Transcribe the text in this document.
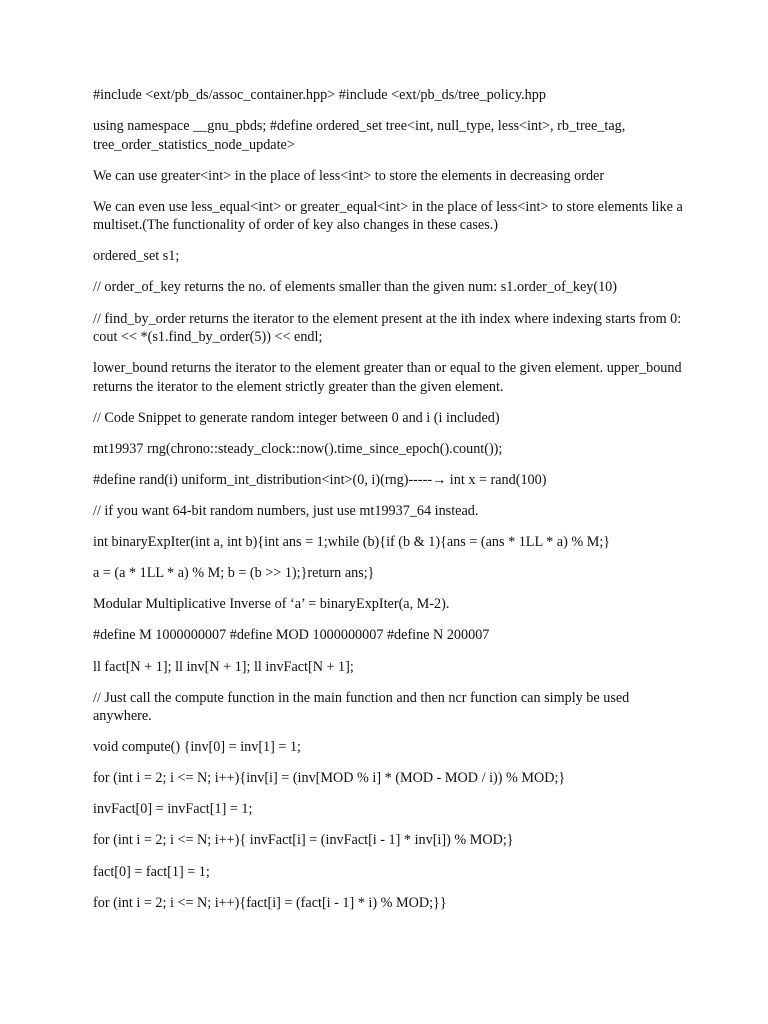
#include <ext/pb_ds/assoc_container.hpp> #include <ext/pb_ds/tree_policy.hpp

using namespace __gnu_pbds; #define ordered_set tree<int, null_type, less<int>, rb_tree_tag, tree_order_statistics_node_update>

We can use greater<int> in the place of less<int> to store the elements in decreasing order

We can even use less_equal<int> or greater_equal<int> in the place of less<int> to store elements like a multiset.(The functionality of order of key also changes in these cases.)

ordered_set s1;

// order_of_key returns the no. of elements smaller than the given num: s1.order_of_key(10)

// find_by_order returns the iterator to the element present at the ith index where indexing starts from 0: cout << *(s1.find_by_order(5)) << endl;

lower_bound returns the iterator to the element greater than or equal to the given element. upper_bound returns the iterator to the element strictly greater than the given element.

// Code Snippet to generate random integer between 0 and i (i included)

mt19937 rng(chrono::steady_clock::now().time_since_epoch().count());

#define rand(i) uniform_int_distribution<int>(0, i)(rng)-----→ int x = rand(100)

// if you want 64-bit random numbers, just use mt19937_64 instead.

int binaryExpIter(int a, int b){int ans = 1;while (b){if (b & 1){ans = (ans * 1LL * a) % M;}

a = (a * 1LL * a) % M; b = (b >> 1);}return ans;}

Modular Multiplicative Inverse of ‘a’ = binaryExpIter(a, M-2).

#define M 1000000007 #define MOD 1000000007 #define N 200007

ll fact[N + 1]; ll inv[N + 1]; ll invFact[N + 1];

// Just call the compute function in the main function and then ncr function can simply be used anywhere.

void compute() {inv[0] = inv[1] = 1;

for (int i = 2; i <= N; i++){inv[i] = (inv[MOD % i] * (MOD - MOD / i)) % MOD;}

invFact[0] = invFact[1] = 1;

for (int i = 2; i <= N; i++){ invFact[i] = (invFact[i - 1] * inv[i]) % MOD;}

fact[0] = fact[1] = 1;

for (int i = 2; i <= N; i++){fact[i] = (fact[i - 1] * i) % MOD;}}
